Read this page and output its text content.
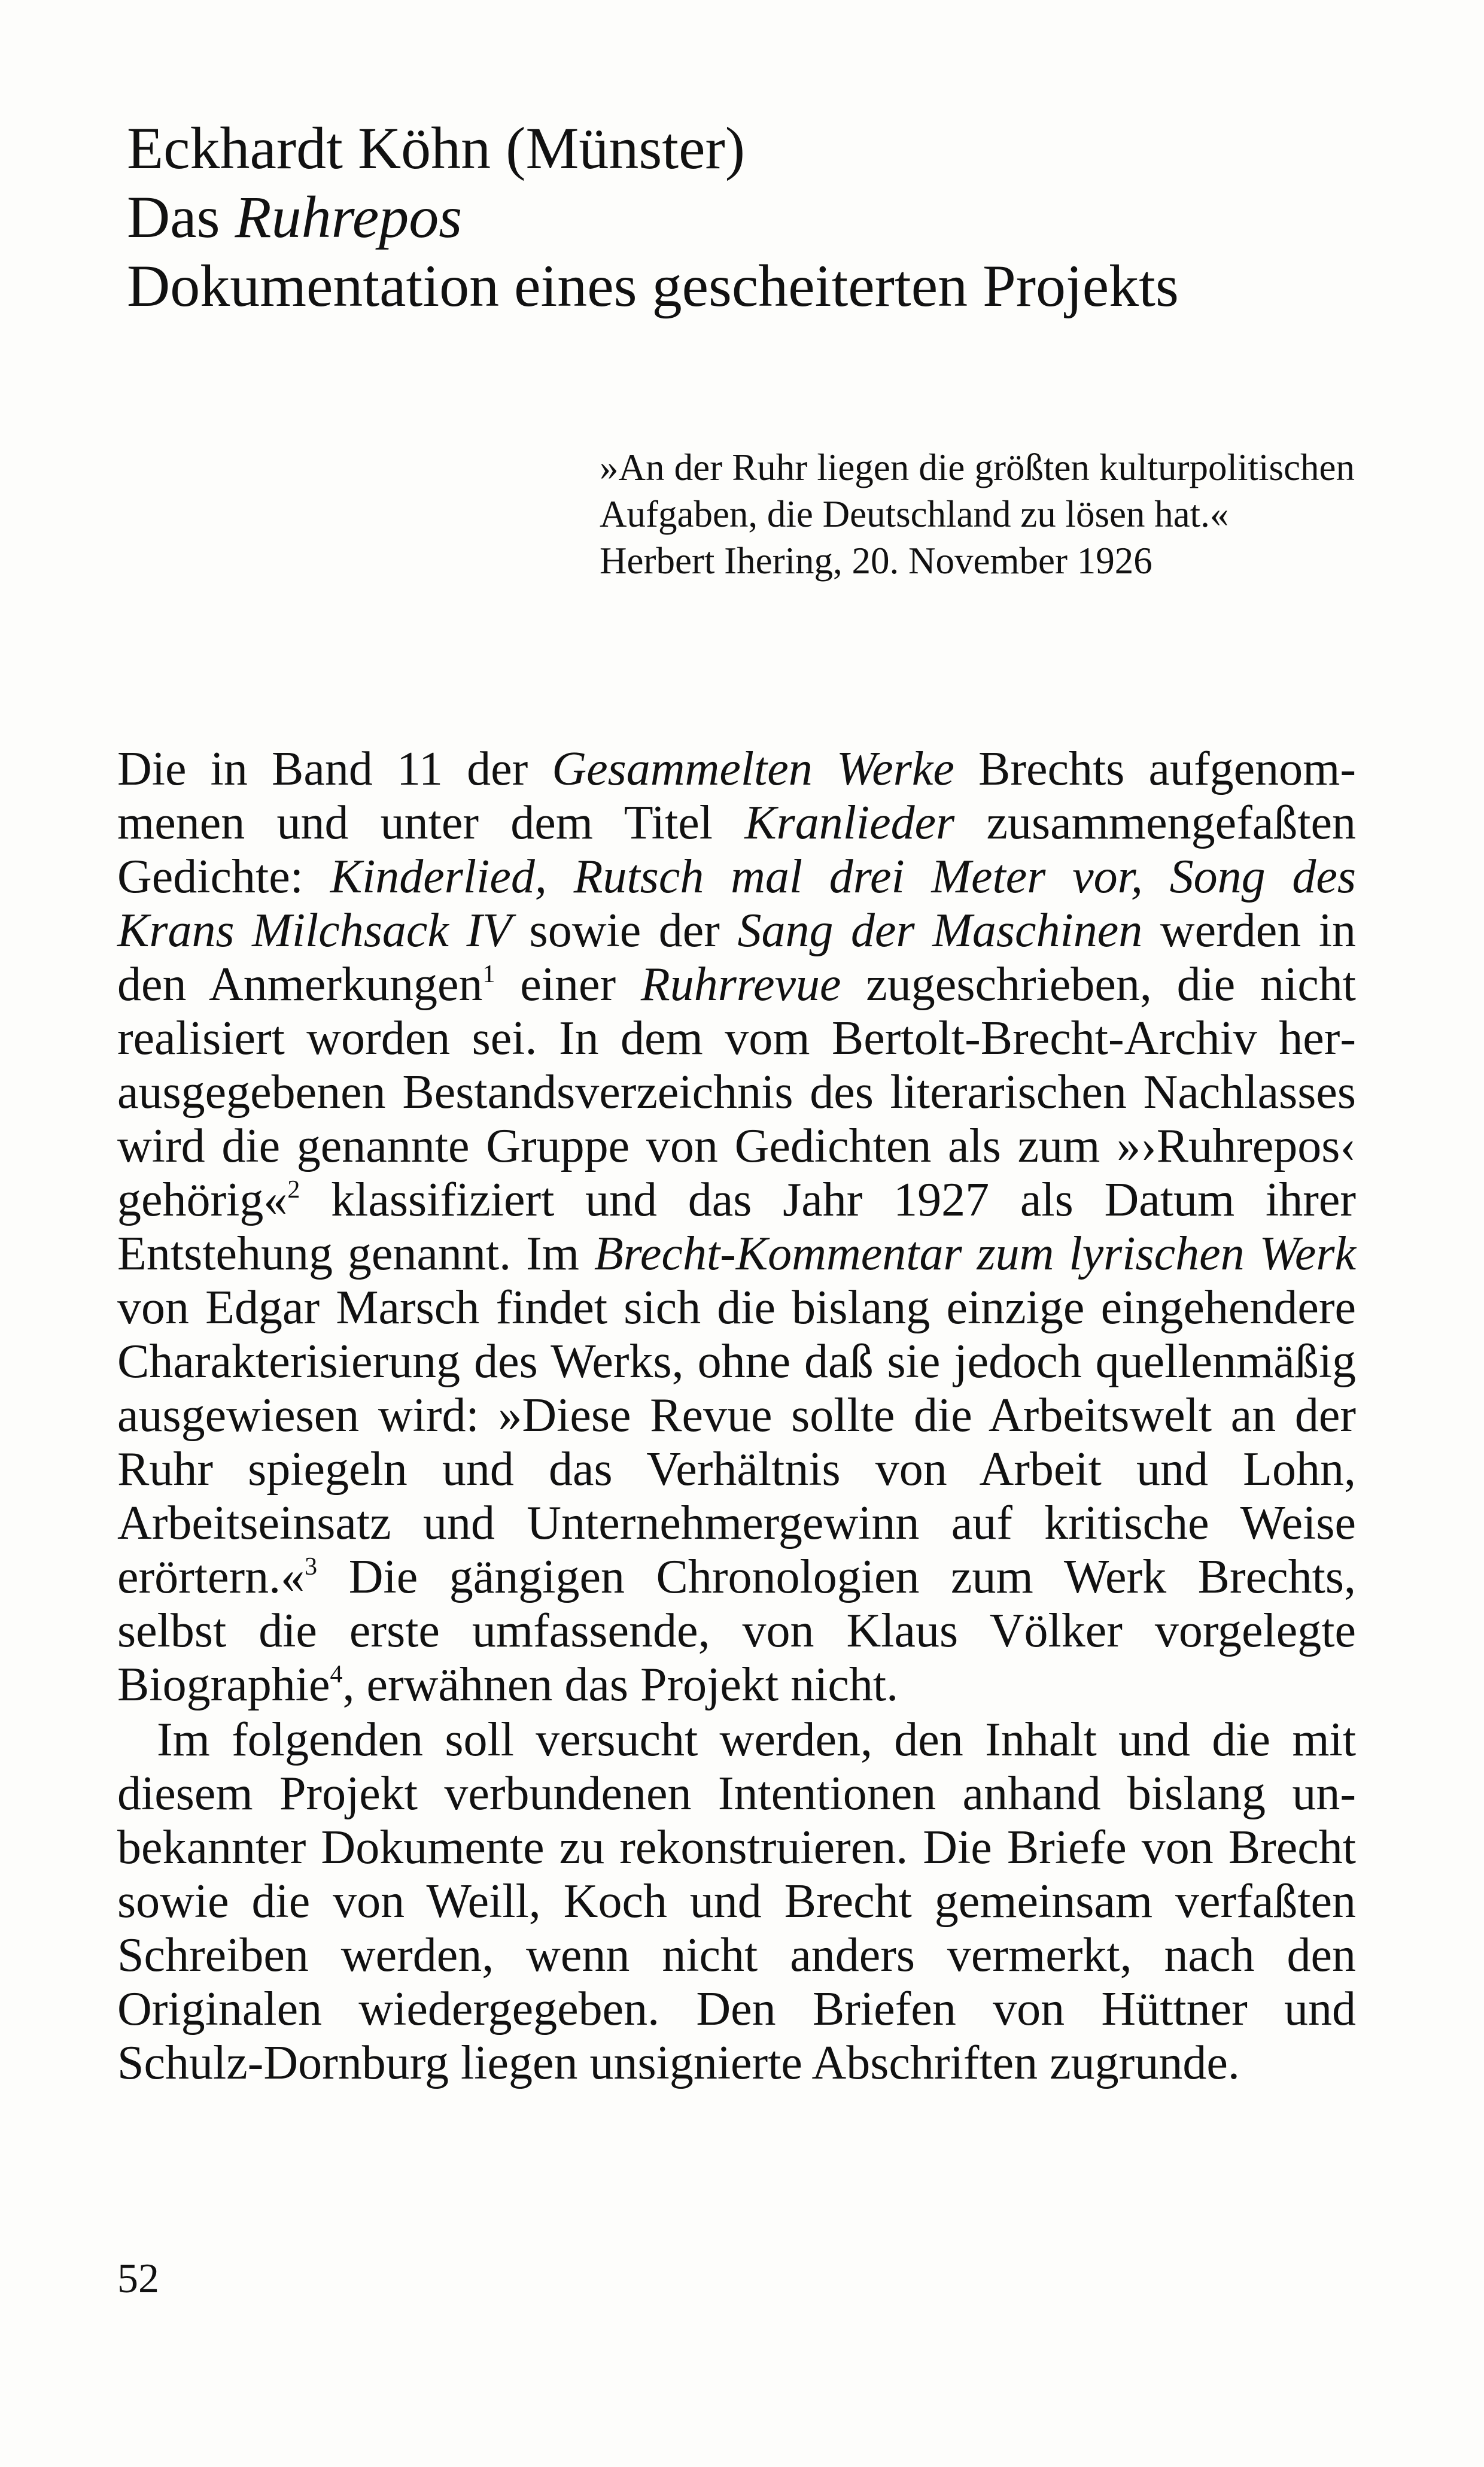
Eckhardt Köhn (Münster)
Das Ruhrepos
Dokumentation eines gescheiterten Projekts

»An der Ruhr liegen die größten kulturpolitischen Aufgaben, die Deutschland zu lösen hat.«

Herbert Ihering, 20. November 1926

Die in Band 11 der Gesammelten Werke Brechts aufgenommenen und unter dem Titel Kranlieder zusammengefaßten Gedichte: Kinderlied, Rutsch mal drei Meter vor, Song des Krans Milchsack IV sowie der Sang der Maschinen werden in den Anmerkungen$^1$ einer Ruhrrevue zugeschrieben, die nicht realisiert worden sei. In dem vom Bertolt-Brecht-Archiv herausgegebenen Bestandsverzeichnis des literarischen Nachlasses wird die genannte Gruppe von Gedichten als zum »›Ruhrepos‹ gehörig«$^2$ klassifiziert und das Jahr 1927 als Datum ihrer Entstehung genannt. Im Brecht-Kommentar zum lyrischen Werk von Edgar Marsch findet sich die bislang einzige eingehendere Charakterisierung des Werks, ohne daß sie jedoch quellenmäßig ausgewiesen wird: »Diese Revue sollte die Arbeitswelt an der Ruhr spiegeln und das Verhältnis von Arbeit und Lohn, Arbeitseinsatz und Unternehmergewinn auf kritische Weise erörtern.«$^3$ Die gängigen Chronologien zum Werk Brechts, selbst die erste umfassende, von Klaus Völker vorgelegte Biographie$^4$, erwähnen das Projekt nicht.

Im folgenden soll versucht werden, den Inhalt und die mit diesem Projekt verbundenen Intentionen anhand bislang unbekannter Dokumente zu rekonstruieren. Die Briefe von Brecht sowie die von Weill, Koch und Brecht gemeinsam verfaßten Schreiben werden, wenn nicht anders vermerkt, nach den Originalen wiedergegeben. Den Briefen von Hüttner und Schulz-Dornburg liegen unsignierte Abschriften zugrunde.

52
